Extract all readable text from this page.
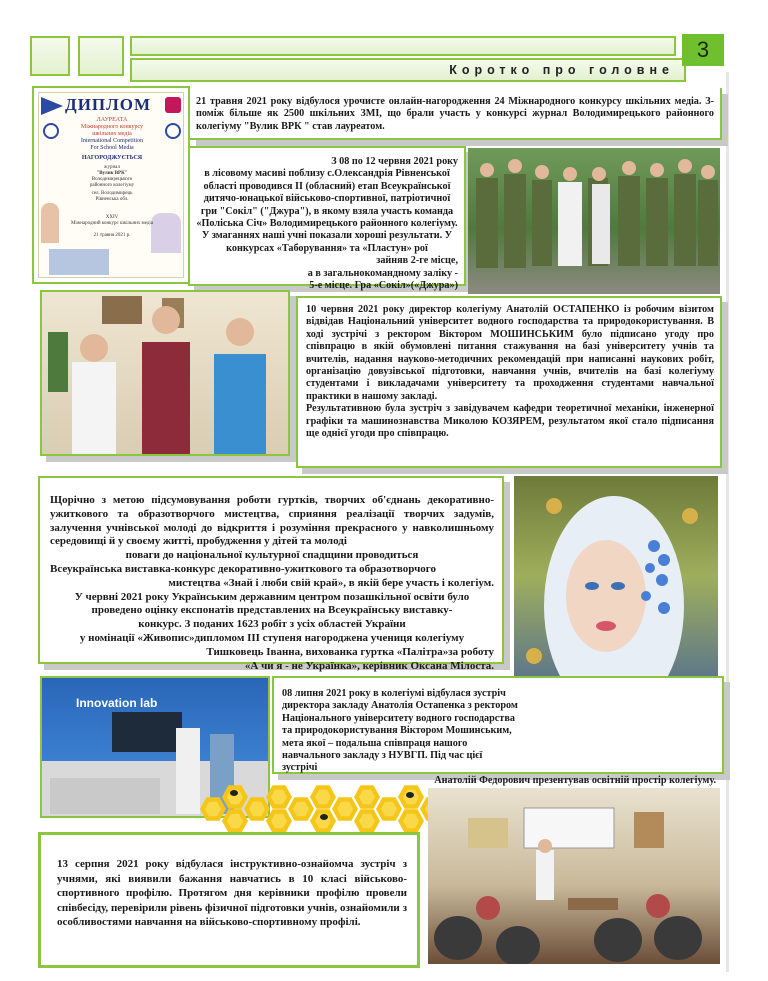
Коротко про головне
3
ДИПЛОМ
ЛАУРЕАТА
Міжнародного конкурсу
шкільних медіа
International Competition
For School Media
НАГОРОДЖУЄТЬСЯ
журнал
"Вулик ВРК"
Володимирецького
районного колегіуму
сел. Володимирець
Рівненська обл.
XXIV
Міжнародний конкурс шкільних медіа
21 травня 2021 р.
21 травня 2021 року відбулося урочисте онлайн-нагородження 24 Міжнародного конкурсу шкільних медіа. З-поміж більше як 2500 шкільних ЗМІ, що брали участь у конкурсі журнал Володимирецького районного колегіуму "Вулик ВРК " став лауреатом.
З 08 по 12 червня 2021 року
в лісовому масиві поблизу с.Олександрія Рівненської області проводився II (обласний) етап Всеукраїнської дитячо-юнацької військово-спортивної, патріотичної гри "Сокіл" ("Джура"), в якому взяла участь команда «Поліська Січ» Володимирецького районного колегіуму. У змаганнях наші учні показали хороші результати. У конкурсах «Таборування» та «Пластун» рої
зайняв 2-ге місце,
а в загальнокомандному заліку -
5-е місце. Гра «Сокіл»(«Джура»)
10 червня 2021 року директор колегіуму Анатолій ОСТАПЕНКО із робочим візитом відвідав Національний університет водного господарства та природокористування. В ході зустрічі з ректором Віктором МОШИНСЬКИМ було підписано угоду про співпрацю в якій обумовлені питання стажування на базі університету учнів та вчителів, надання науково-методичних рекомендацій при написанні наукових робіт, організацію довузівської підготовки, навчання учнів, вчителів на базі колегіуму студентами і викладачами університету та проходження студентами навчальної практики в нашому закладі.
Результативною була зустріч з завідувачем кафедри теоретичної механіки, інженерної графіки та машинознавства Миколою КОЗЯРЕМ, результатом якої стало підписання ще однієї угоди про співпрацю.
Щорічно з метою підсумовування роботи гуртків, творчих об'єднань декоративно-ужиткового та образотворчого мистецтва, сприяння реалізації творчих задумів, залучення учнівської молоді до відкриття і розуміння прекрасного у навколишньому середовищі й у своєму житті, пробудження у дітей та молоді
поваги до національної культурної спадщини проводиться
Всеукраїнська виставка-конкурс декоративно-ужиткового та образотворчого
мистецтва «Знай і люби свій край», в якій бере участь і колегіум.
У червні 2021 року Українським державним центром позашкільної освіти було
проведено оцінку експонатів представлених на Всеукраїнську виставку-
конкурс. З поданих 1623 робіт з усіх областей України
у номінації «Живопис»дипломом III ступеня нагороджена учениця колегіуму
Тишковець Іванна, вихованка гуртка «Палітра»за роботу
«А чи я - не Українка», керівник Оксана Мілоста.
Innovation lab
08 липня 2021 року в колегіумі відбулася зустріч директора закладу Анатолія Остапенка з ректором Національного університету водного господарства та природокористування Віктором Мошинським, мета якої – подальша співпраця нашого навчального закладу з НУВГП. Під час цієї зустрічі
Анатолій Федорович презентував освітній простір колегіуму.
13 серпня 2021 року відбулася інструктивно-ознайомча зустріч з учнями, які виявили бажання навчатись в 10 класі військово-спортивного профілю. Протягом дня керівники профілю провели співбесіду, перевірили рівень фізичної підготовки учнів, ознайомили з особливостями навчання на військово-спортивному профілі.
